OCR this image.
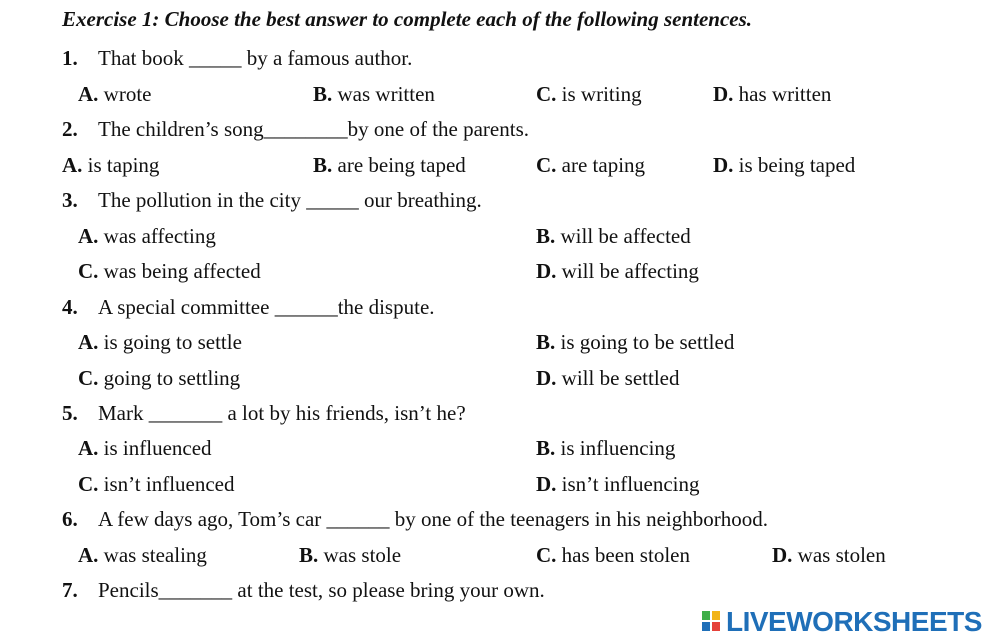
Exercise 1: Choose the best answer to complete each of the following sentences.
1. That book _____ by a famous author.
A. wrote	B. was written	C. is writing	D. has written
2. The children’s song________by one of the parents.
A. is taping	B. are being taped	C. are taping	D. is being taped
3. The pollution in the city _____ our breathing.
A. was affecting	B. will be affected
C. was being affected	D. will be affecting
4. A special committee ______the dispute.
A. is going to settle	B. is going to be settled
C. going to settling	D. will be settled
5. Mark _______ a lot by his friends, isn’t he?
A. is influenced	B. is influencing
C. isn’t influenced	D. isn’t influencing
6. A few days ago, Tom’s car ______ by one of the teenagers in his neighborhood.
A. was stealing	B. was stole	C. has been stolen	D. was stolen
7. Pencils_______ at the test, so please bring your own.
LIVEWORKSHEETS
